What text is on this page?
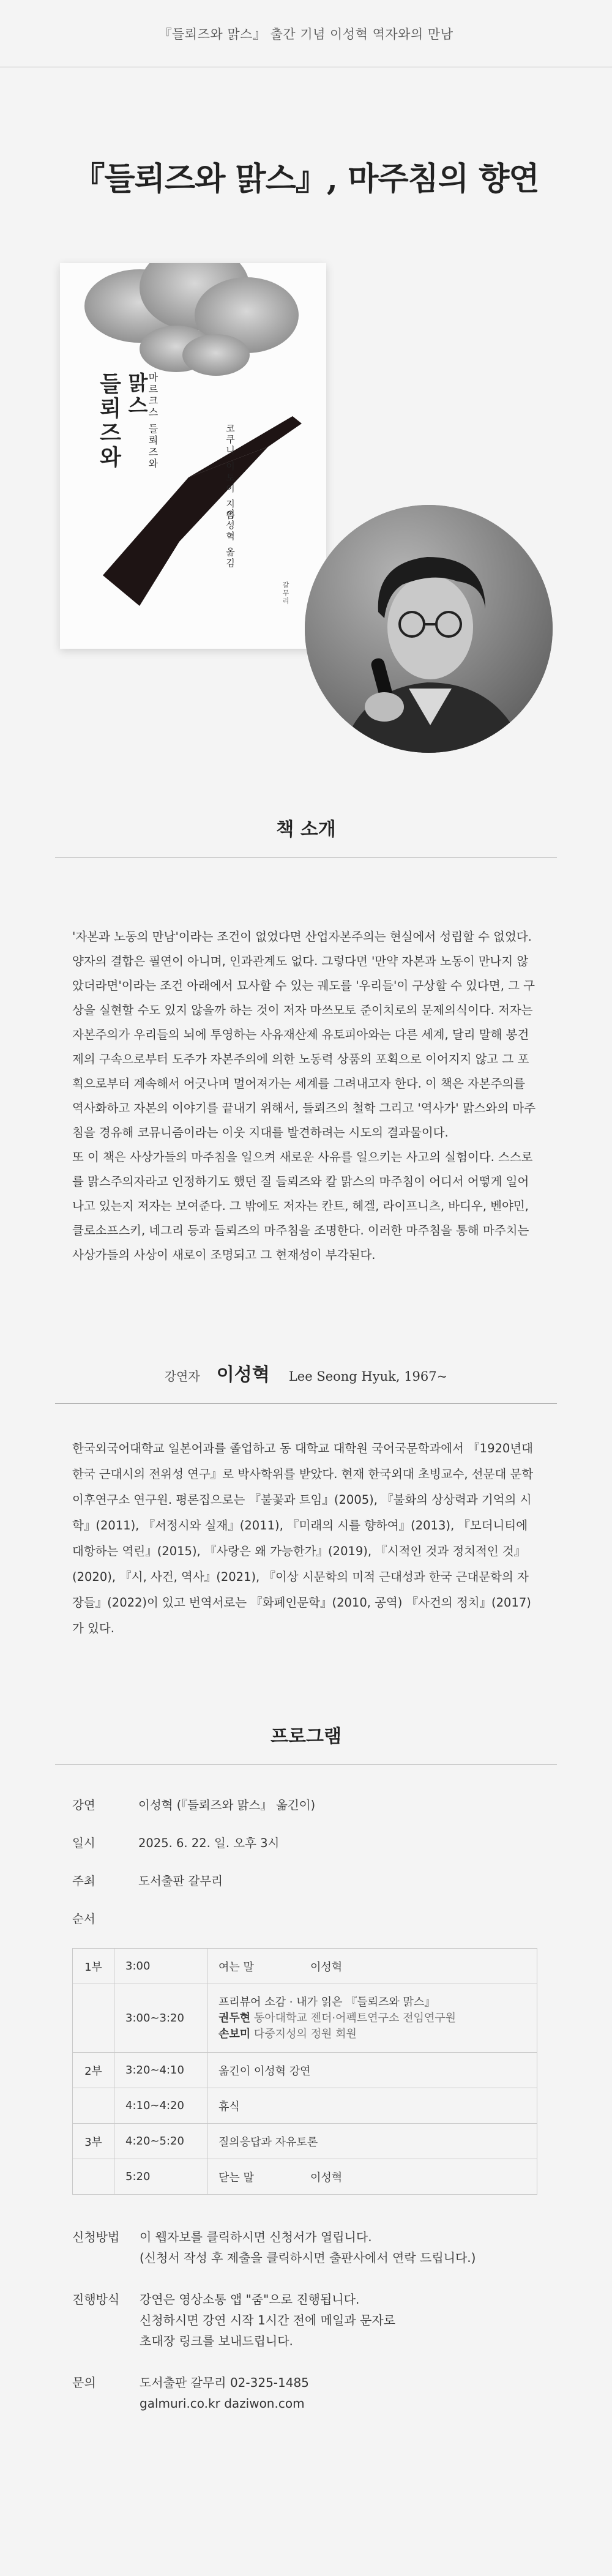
『들뢰즈와 맑스』 출간 기념 이성혁 역자와의 만남
『들뢰즈와 맑스』, 마주침의 향연
들뢰즈와 맑스
마르크스 들뢰즈와
코쿠니 이토이 지음
이성혁 옮김
갈무리
책 소개

'자본과 노동의 만남'이라는 조건이 없었다면 산업자본주의는 현실에서 성립할 수 없었다. 양자의 결합은 필연이 아니며, 인과관계도 없다. 그렇다면 '만약 자본과 노동이 만나지 않았더라면'이라는 조건 아래에서 묘사할 수 있는 궤도를 '우리들'이 구상할 수 있다면, 그 구상을 실현할 수도 있지 않을까 하는 것이 저자 마쓰모토 준이치로의 문제의식이다. 저자는 자본주의가 우리들의 뇌에 투영하는 사유재산제 유토피아와는 다른 세계, 달리 말해 봉건제의 구속으로부터 도주가 자본주의에 의한 노동력 상품의 포획으로 이어지지 않고 그 포획으로부터 계속해서 어긋나며 멀어져가는 세계를 그려내고자 한다. 이 책은 자본주의를 역사화하고 자본의 이야기를 끝내기 위해서, 들뢰즈의 철학 그리고 '역사가' 맑스와의 마주침을 경유해 코뮤니즘이라는 이웃 지대를 발견하려는 시도의 결과물이다.

또 이 책은 사상가들의 마주침을 일으켜 새로운 사유를 일으키는 사고의 실험이다. 스스로를 맑스주의자라고 인정하기도 했던 질 들뢰즈와 칼 맑스의 마주침이 어디서 어떻게 일어나고 있는지 저자는 보여준다. 그 밖에도 저자는 칸트, 헤겔, 라이프니츠, 바디우, 벤야민, 클로소프스키, 네그리 등과 들뢰즈의 마주침을 조명한다. 이러한 마주침을 통해 마주치는 사상가들의 사상이 새로이 조명되고 그 현재성이 부각된다.

강연자 이성혁 Lee Seong Hyuk, 1967~

한국외국어대학교 일본어과를 졸업하고 동 대학교 대학원 국어국문학과에서 『1920년대 한국 근대시의 전위성 연구』로 박사학위를 받았다. 현재 한국외대 초빙교수, 선문대 문학이후연구소 연구원. 평론집으로는 『불꽃과 트임』(2005), 『불화의 상상력과 기억의 시학』(2011), 『서정시와 실재』(2011), 『미래의 시를 향하여』(2013), 『모더니티에 대항하는 역린』(2015), 『사랑은 왜 가능한가』(2019), 『시적인 것과 정치적인 것』(2020), 『시, 사건, 역사』(2021), 『이상 시문학의 미적 근대성과 한국 근대문학의 자장들』(2022)이 있고 번역서로는 『화폐인문학』(2010, 공역) 『사건의 정치』(2017)가 있다.

프로그램
강연	이성혁 (『들뢰즈와 맑스』 옮긴이)
일시	2025. 6. 22. 일. 오후 3시
주최	도서출판 갈무리
순서
1부	3:00	여는 말 이성혁

	3:00~3:20	프리뷰어 소감 · 내가 읽은 『들뢰즈와 맑스』
권두현 동아대학교 젠더·어펙트연구소 전임연구원
손보미 다중지성의 정원 회원

2부	3:20~4:10	옮긴이 이성혁 강연
	4:10~4:20	휴식
3부	4:20~5:20	질의응답과 자유토론
	5:20	닫는 말 이성혁
신청방법	이 웹자보를 클릭하시면 신청서가 열립니다.
(신청서 작성 후 제출을 클릭하시면 출판사에서 연락 드립니다.)
진행방식	강연은 영상소통 앱 "줌"으로 진행됩니다.
신청하시면 강연 시작 1시간 전에 메일과 문자로
초대장 링크를 보내드립니다.
문의	도서출판 갈무리 02-325-1485
galmuri.co.kr daziwon.com
